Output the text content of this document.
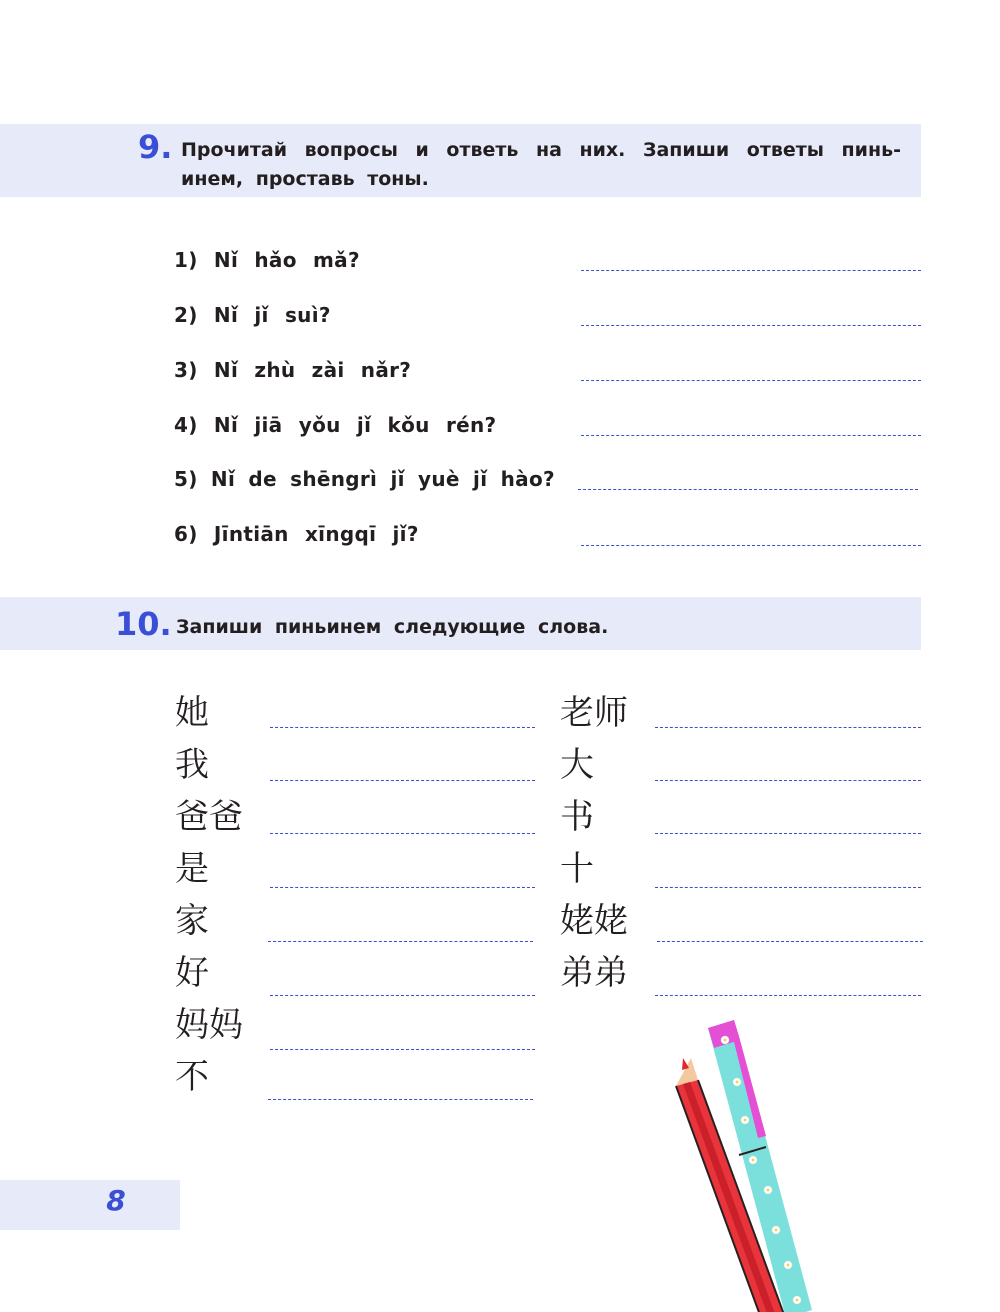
9. Прочитай вопросы и ответь на них. Запиши ответы пинь-
инем, проставь тоны.
1) Nǐ hǎo mǎ?
2) Nǐ jǐ suì?
3) Nǐ zhù zài nǎr?
4) Nǐ jiā yǒu jǐ kǒu rén?
5) Nǐ de shēngrì jǐ yuè jǐ hào?
6) Jīntiān xīngqī jǐ?
10. Запиши пиньинем следующие слова.
她
我
爸爸
是
家
好
妈妈
不
老师
大
书
十
姥姥
弟弟
8
